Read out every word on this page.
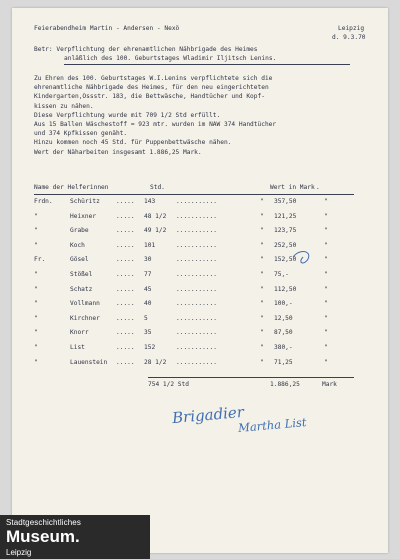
Feierabendheim Martin - Andersen - Nexö	Leipzig
d. 9.3.70
Betr: Verpflichtung der ehrenamtlichen Nähbrigade des Heimes
anläßlich des 100. Geburtstages Wladimir Iljitsch Lenins.
Zu Ehren des 100. Geburtstages W.I.Lenins verpflichtete sich die
ehrenamtliche Nähbrigade des Heimes, für den neu eingerichteten
Kindergarten,Ossstr. 183, die Bettwäsche, Handtücher und Kopf-
kissen zu nähen.
Diese Verpflichtung wurde mit 709 1/2 Std erfüllt.
Aus 15 Ballen Wäschestoff = 923 mtr. wurden im NAW 374 Handtücher
und 374 Kpfkissen genäht.
Hinzu kommen noch 45 Std. für Puppenbettwäsche nähen.
Wert der Näharbeiten insgesamt 1.886,25 Mark.
Name der Helferinnen	Std.	Wert in Mark .
Frdn.	Schüritz	..... 143	...........	" 357,50	"
"	Heixner	..... 48 1/2 ...........	" 121,25	"
"	Grabe	..... 49 1/2 ...........	" 123,75	"
"	Koch	..... 101	...........	" 252,50	"
Fr.	Gösel	..... 30	...........	" 152,50	"
"	Stößel	..... 77	...........	" 75,-	"
"	Schatz	..... 45	...........	" 112,50	"
"	Vollmann	..... 40	...........	" 100,-	"
"	Kirchner	..... 5	...........	" 12,50	"
"	Knorr	..... 35	...........	" 87,50	"
"	List	..... 152	...........	" 380,-	"
"	Lauenstein ..... 28 1/2 ...........	" 71,25	"
754 1/2 Std	1.886,25	Mark
Brigadier
Martha List
Stadtgeschichtliches
Museum.
Leipzig
